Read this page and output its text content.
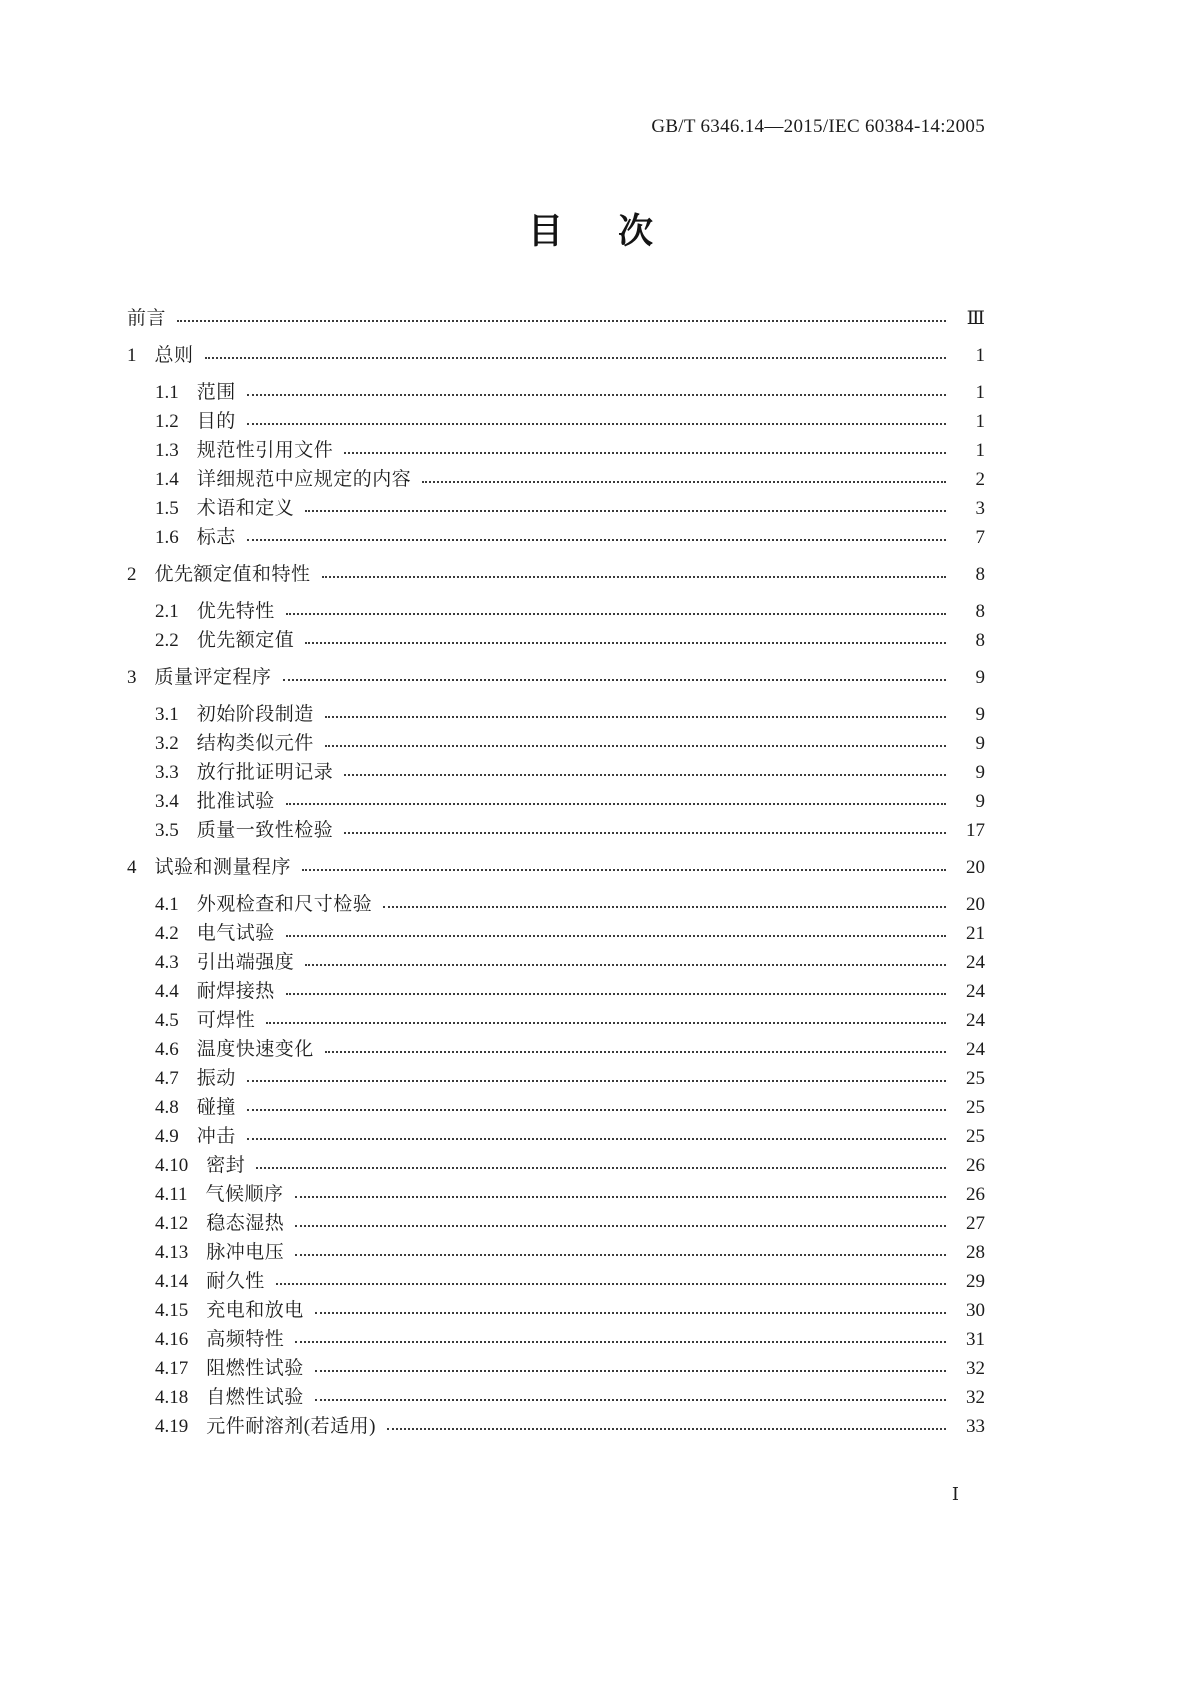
GB/T 6346.14—2015/IEC 60384-14:2005
目　次
前言	Ⅲ
1 总则	1
1.1 范围	1
1.2 目的	1
1.3 规范性引用文件	1
1.4 详细规范中应规定的内容	2
1.5 术语和定义	3
1.6 标志	7
2 优先额定值和特性	8
2.1 优先特性	8
2.2 优先额定值	8
3 质量评定程序	9
3.1 初始阶段制造	9
3.2 结构类似元件	9
3.3 放行批证明记录	9
3.4 批准试验	9
3.5 质量一致性检验	17
4 试验和测量程序	20
4.1 外观检查和尺寸检验	20
4.2 电气试验	21
4.3 引出端强度	24
4.4 耐焊接热	24
4.5 可焊性	24
4.6 温度快速变化	24
4.7 振动	25
4.8 碰撞	25
4.9 冲击	25
4.10 密封	26
4.11 气候顺序	26
4.12 稳态湿热	27
4.13 脉冲电压	28
4.14 耐久性	29
4.15 充电和放电	30
4.16 高频特性	31
4.17 阻燃性试验	32
4.18 自燃性试验	32
4.19 元件耐溶剂(若适用)	33
Ⅰ
